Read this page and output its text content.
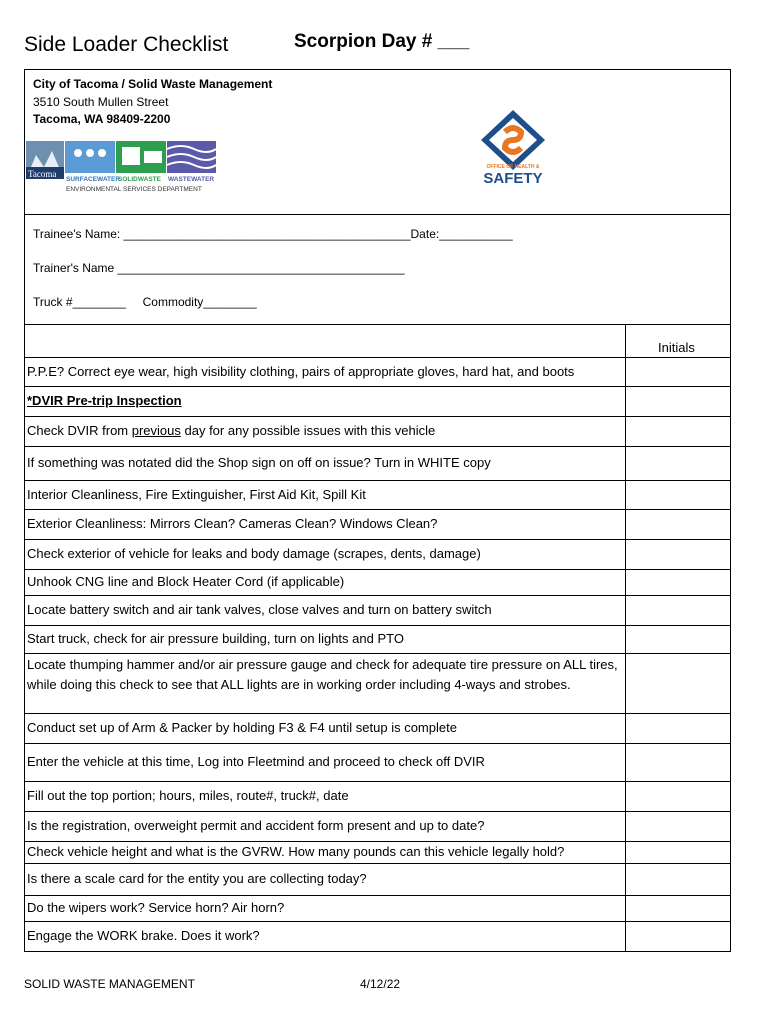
Side Loader Checklist	Scorpion Day # ___
City of Tacoma / Solid Waste Management
3510 South Mullen Street
Tacoma, WA 98409-2200
Tacoma
SURFACEWATER
SOLIDWASTE WASTEWATER
ENVIRONMENTAL SERVICES DEPARTMENT
OFFICE OF HEALTH &
SAFETY
Trainee's Name: ___________________________________________Date:___________
Trainer's Name ___________________________________________
Truck #________     Commodity________
Initials
P.P.E? Correct eye wear, high visibility clothing, pairs of appropriate gloves, hard hat, and boots
*DVIR Pre-trip Inspection
Check DVIR from previous day for any possible issues with this vehicle
If something was notated did the Shop sign on off on issue? Turn in WHITE copy
Interior Cleanliness, Fire Extinguisher, First Aid Kit, Spill Kit
Exterior Cleanliness: Mirrors Clean? Cameras Clean? Windows Clean?
Check exterior of vehicle for leaks and body damage (scrapes, dents, damage)
Unhook CNG line and Block Heater Cord (if applicable)
Locate battery switch and air tank valves, close valves and turn on battery switch
Start truck, check for air pressure building, turn on lights and PTO
Locate thumping hammer and/or air pressure gauge and check for adequate tire pressure on ALL tires, while doing this check to see that ALL lights are in working order including 4-ways and strobes.
Conduct set up of Arm & Packer by holding F3 & F4 until setup is complete
Enter the vehicle at this time, Log into Fleetmind and proceed to check off DVIR
Fill out the top portion; hours, miles, route#, truck#, date
Is the registration, overweight permit and accident form present and up to date?
Check vehicle height and what is the GVRW. How many pounds can this vehicle legally hold?
Is there a scale card for the entity you are collecting today?
Do the wipers work? Service horn? Air horn?
Engage the WORK brake. Does it work?
SOLID WASTE MANAGEMENT	4/12/22
